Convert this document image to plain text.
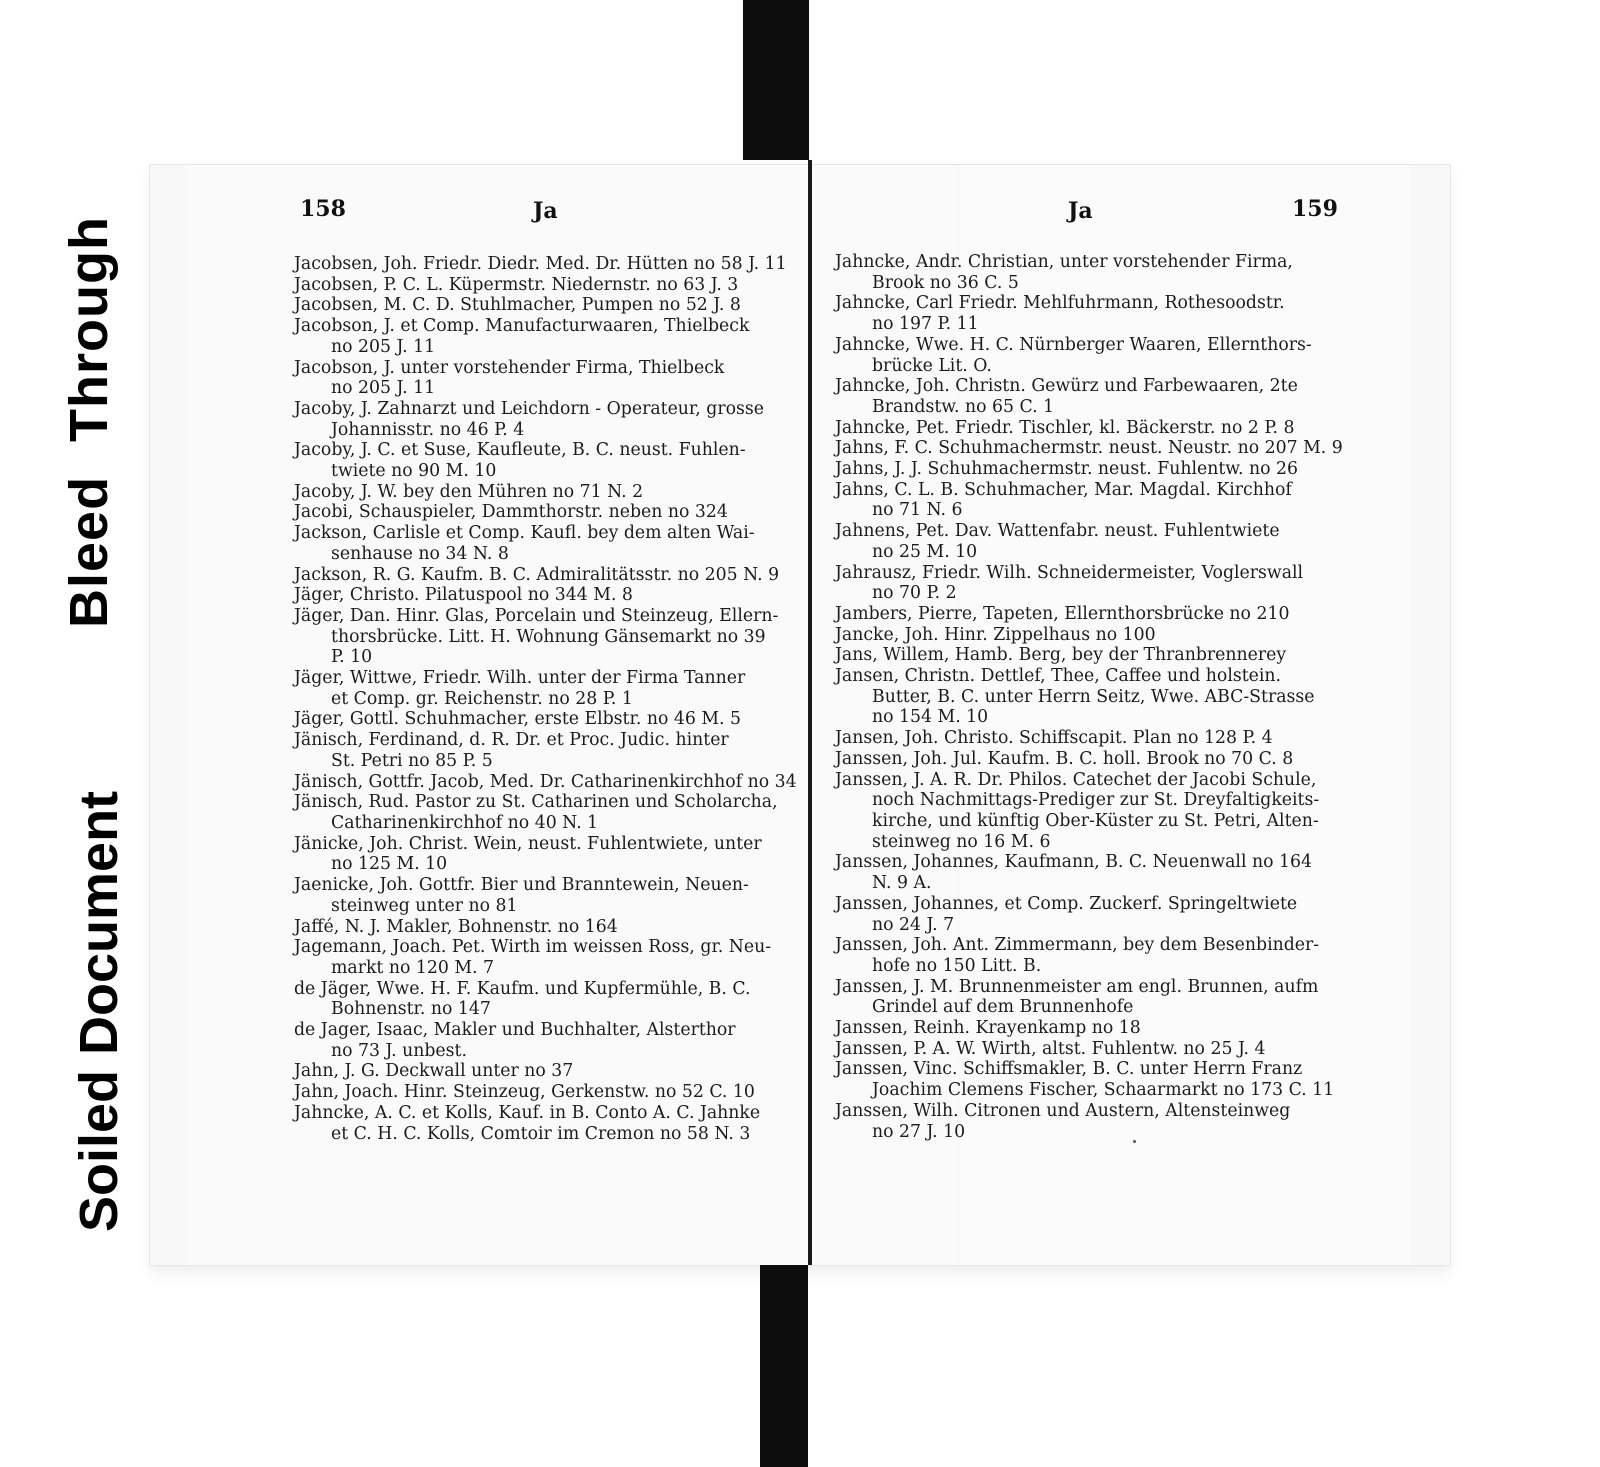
Soiled Document
BleedThrough
158	Ja	Ja	159
Jacobsen, Joh. Friedr. Diedr. Med. Dr. Hütten no 58 J. 11
Jacobsen, P. C. L. Küpermstr. Niedernstr. no 63 J. 3
Jacobsen, M. C. D. Stuhlmacher, Pumpen no 52 J. 8
Jacobson, J. et Comp. Manufacturwaaren, Thielbeck
no 205 J. 11
Jacobson, J. unter vorstehender Firma, Thielbeck
no 205 J. 11
Jacoby, J. Zahnarzt und Leichdorn - Operateur, grosse
Johannisstr. no 46 P. 4
Jacoby, J. C. et Suse, Kaufleute, B. C. neust. Fuhlen-
twiete no 90 M. 10
Jacoby, J. W. bey den Mühren no 71 N. 2
Jacobi, Schauspieler, Dammthorstr. neben no 324
Jackson, Carlisle et Comp. Kaufl. bey dem alten Wai-
senhause no 34 N. 8
Jackson, R. G. Kaufm. B. C. Admiralitätsstr. no 205 N. 9
Jäger, Christo. Pilatuspool no 344 M. 8
Jäger, Dan. Hinr. Glas, Porcelain und Steinzeug, Ellern-
thorsbrücke. Litt. H. Wohnung Gänsemarkt no 39
P. 10
Jäger, Wittwe, Friedr. Wilh. unter der Firma Tanner
et Comp. gr. Reichenstr. no 28 P. 1
Jäger, Gottl. Schuhmacher, erste Elbstr. no 46 M. 5
Jänisch, Ferdinand, d. R. Dr. et Proc. Judic. hinter
St. Petri no 85 P. 5
Jänisch, Gottfr. Jacob, Med. Dr. Catharinenkirchhof no 34
Jänisch, Rud. Pastor zu St. Catharinen und Scholarcha,
Catharinenkirchhof no 40 N. 1
Jänicke, Joh. Christ. Wein, neust. Fuhlentwiete, unter
no 125 M. 10
Jaenicke, Joh. Gottfr. Bier und Branntewein, Neuen-
steinweg unter no 81
Jaffé, N. J. Makler, Bohnenstr. no 164
Jagemann, Joach. Pet. Wirth im weissen Ross, gr. Neu-
markt no 120 M. 7
de Jäger, Wwe. H. F. Kaufm. und Kupfermühle, B. C.
Bohnenstr. no 147
de Jager, Isaac, Makler und Buchhalter, Alsterthor
no 73 J. unbest.
Jahn, J. G. Deckwall unter no 37
Jahn, Joach. Hinr. Steinzeug, Gerkenstw. no 52 C. 10
Jahncke, A. C. et Kolls, Kauf. in B. Conto A. C. Jahnke
et C. H. C. Kolls, Comtoir im Cremon no 58 N. 3
Jahncke, Andr. Christian, unter vorstehender Firma,
Brook no 36 C. 5
Jahncke, Carl Friedr. Mehlfuhrmann, Rothesoodstr.
no 197 P. 11
Jahncke, Wwe. H. C. Nürnberger Waaren, Ellernthors-
brücke Lit. O.
Jahncke, Joh. Christn. Gewürz und Farbewaaren, 2te
Brandstw. no 65 C. 1
Jahncke, Pet. Friedr. Tischler, kl. Bäckerstr. no 2 P. 8
Jahns, F. C. Schuhmachermstr. neust. Neustr. no 207 M. 9
Jahns, J. J. Schuhmachermstr. neust. Fuhlentw. no 26
Jahns, C. L. B. Schuhmacher, Mar. Magdal. Kirchhof
no 71 N. 6
Jahnens, Pet. Dav. Wattenfabr. neust. Fuhlentwiete
no 25 M. 10
Jahrausz, Friedr. Wilh. Schneidermeister, Voglerswall
no 70 P. 2
Jambers, Pierre, Tapeten, Ellernthorsbrücke no 210
Jancke, Joh. Hinr. Zippelhaus no 100
Jans, Willem, Hamb. Berg, bey der Thranbrennerey
Jansen, Christn. Dettlef, Thee, Caffee und holstein.
Butter, B. C. unter Herrn Seitz, Wwe. ABC-Strasse
no 154 M. 10
Jansen, Joh. Christo. Schiffscapit. Plan no 128 P. 4
Janssen, Joh. Jul. Kaufm. B. C. holl. Brook no 70 C. 8
Janssen, J. A. R. Dr. Philos. Catechet der Jacobi Schule,
noch Nachmittags-Prediger zur St. Dreyfaltigkeits-
kirche, und künftig Ober-Küster zu St. Petri, Alten-
steinweg no 16 M. 6
Janssen, Johannes, Kaufmann, B. C. Neuenwall no 164
N. 9 A.
Janssen, Johannes, et Comp. Zuckerf. Springeltwiete
no 24 J. 7
Janssen, Joh. Ant. Zimmermann, bey dem Besenbinder-
hofe no 150 Litt. B.
Janssen, J. M. Brunnenmeister am engl. Brunnen, aufm
Grindel auf dem Brunnenhofe
Janssen, Reinh. Krayenkamp no 18
Janssen, P. A. W. Wirth, altst. Fuhlentw. no 25 J. 4
Janssen, Vinc. Schiffsmakler, B. C. unter Herrn Franz
Joachim Clemens Fischer, Schaarmarkt no 173 C. 11
Janssen, Wilh. Citronen und Austern, Altensteinweg
no 27 J. 10
